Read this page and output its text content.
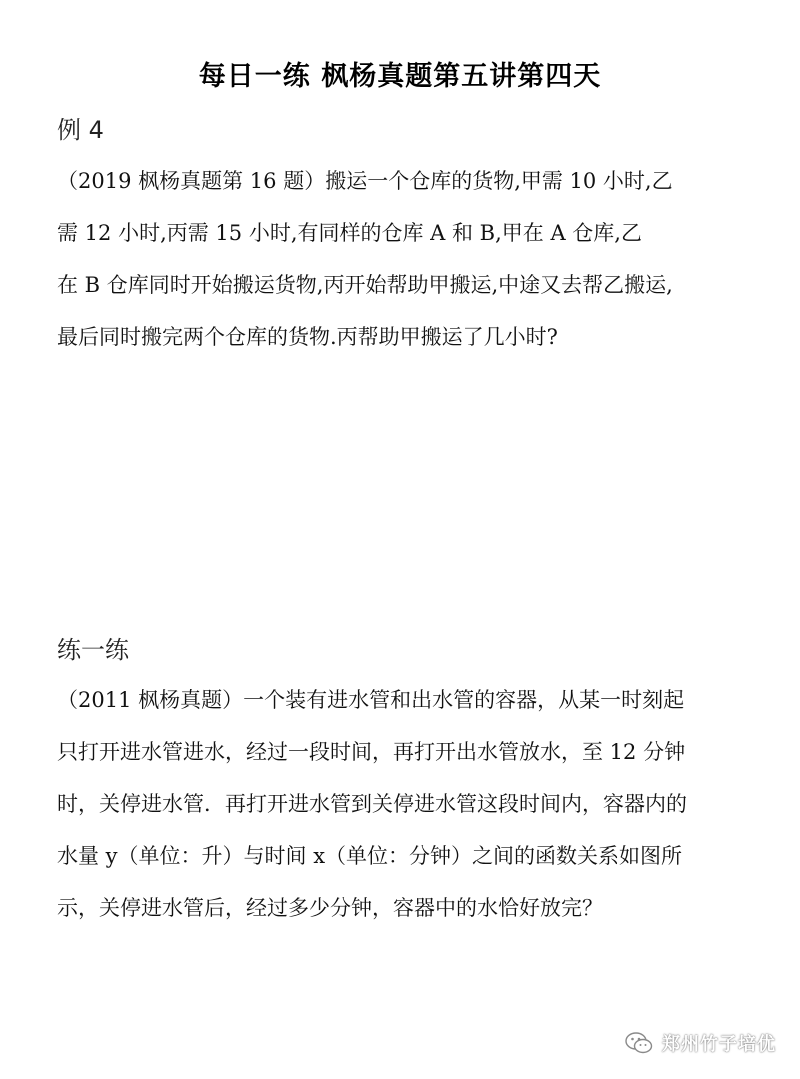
每日一练 枫杨真题第五讲第四天
例 4
（2019 枫杨真题第 16 题）搬运一个仓库的货物,甲需 10 小时,乙
需 12 小时,丙需 15 小时,有同样的仓库 A 和 B,甲在 A 仓库,乙
在 B 仓库同时开始搬运货物,丙开始帮助甲搬运,中途又去帮乙搬运,
最后同时搬完两个仓库的货物.丙帮助甲搬运了几小时?
练一练
（2011 枫杨真题）一个装有进水管和出水管的容器，从某一时刻起
只打开进水管进水，经过一段时间，再打开出水管放水，至 12 分钟
时，关停进水管．再打开进水管到关停进水管这段时间内，容器内的
水量 y（单位：升）与时间 x（单位：分钟）之间的函数关系如图所
示，关停进水管后，经过多少分钟，容器中的水恰好放完？
郑州竹子培优
